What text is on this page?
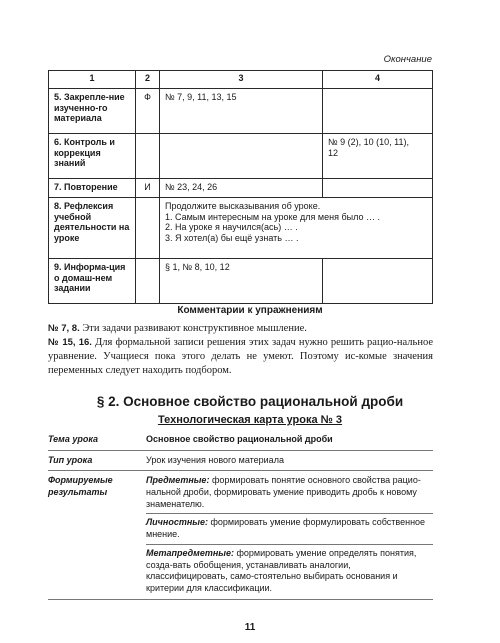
Окончание
1	2	3	4
5. Закрепле-ние изученно-го материала	Ф	№ 7, 9, 11, 13, 15	

6. Контроль и коррекция знаний			№ 9 (2), 10 (10, 11),
12

7. Повторение	И	№ 23, 24, 26	

8. Рефлексия учебной деятельности на уроке		Продолжите высказывания об уроке.
1. Самым интересным на уроке для меня было … .
2. На уроке я научился(ась) … .
3. Я хотел(а) бы ещё узнать … .	

9. Информа-ция о домаш-нем задании		§ 1, № 8, 10, 12	

Комментарии к упражнениям
№ 7, 8. Эти задачи развивают конструктивное мышление.
№ 15, 16. Для формальной записи решения этих задач нужно решить рацио-нальное уравнение. Учащиеся пока этого делать не умеют. Поэтому ис-комые значения переменных следует находить подбором.
§ 2. Основное свойство рациональной дроби
Технологическая карта урока № 3
Тема урока	Основное свойство рациональной дроби
Тип урока	Урок изучения нового материала
Формируемые результаты	Предметные: формировать понятие основного свойства рацио-нальной дроби, формировать умение приводить дробь к новому знаменателю.
Личностные: формировать умение формулировать собственное мнение.
Метапредметные: формировать умение определять понятия, созда-вать обобщения, устанавливать аналогии, классифицировать, само-стоятельно выбирать основания и критерии для классификации.
11
